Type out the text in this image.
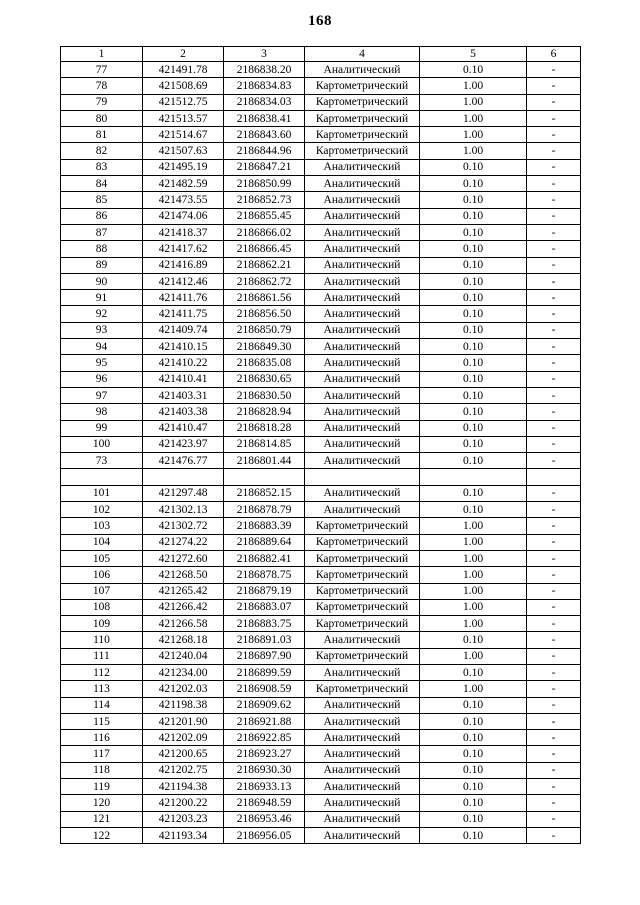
168
1	2	3	4	5	6
77	421491.78	2186838.20	Аналитический	0.10	-
78	421508.69	2186834.83	Картометрический	1.00	-
79	421512.75	2186834.03	Картометрический	1.00	-
80	421513.57	2186838.41	Картометрический	1.00	-
81	421514.67	2186843.60	Картометрический	1.00	-
82	421507.63	2186844.96	Картометрический	1.00	-
83	421495.19	2186847.21	Аналитический	0.10	-
84	421482.59	2186850.99	Аналитический	0.10	-
85	421473.55	2186852.73	Аналитический	0.10	-
86	421474.06	2186855.45	Аналитический	0.10	-
87	421418.37	2186866.02	Аналитический	0.10	-
88	421417.62	2186866.45	Аналитический	0.10	-
89	421416.89	2186862.21	Аналитический	0.10	-
90	421412.46	2186862.72	Аналитический	0.10	-
91	421411.76	2186861.56	Аналитический	0.10	-
92	421411.75	2186856.50	Аналитический	0.10	-
93	421409.74	2186850.79	Аналитический	0.10	-
94	421410.15	2186849.30	Аналитический	0.10	-
95	421410.22	2186835.08	Аналитический	0.10	-
96	421410.41	2186830.65	Аналитический	0.10	-
97	421403.31	2186830.50	Аналитический	0.10	-
98	421403.38	2186828.94	Аналитический	0.10	-
99	421410.47	2186818.28	Аналитический	0.10	-
100	421423.97	2186814.85	Аналитический	0.10	-
73	421476.77	2186801.44	Аналитический	0.10	-

101	421297.48	2186852.15	Аналитический	0.10	-
102	421302.13	2186878.79	Аналитический	0.10	-
103	421302.72	2186883.39	Картометрический	1.00	-
104	421274.22	2186889.64	Картометрический	1.00	-
105	421272.60	2186882.41	Картометрический	1.00	-
106	421268.50	2186878.75	Картометрический	1.00	-
107	421265.42	2186879.19	Картометрический	1.00	-
108	421266.42	2186883.07	Картометрический	1.00	-
109	421266.58	2186883.75	Картометрический	1.00	-
110	421268.18	2186891.03	Аналитический	0.10	-
111	421240.04	2186897.90	Картометрический	1.00	-
112	421234.00	2186899.59	Аналитический	0.10	-
113	421202.03	2186908.59	Картометрический	1.00	-
114	421198.38	2186909.62	Аналитический	0.10	-
115	421201.90	2186921.88	Аналитический	0.10	-
116	421202.09	2186922.85	Аналитический	0.10	-
117	421200.65	2186923.27	Аналитический	0.10	-
118	421202.75	2186930.30	Аналитический	0.10	-
119	421194.38	2186933.13	Аналитический	0.10	-
120	421200.22	2186948.59	Аналитический	0.10	-
121	421203.23	2186953.46	Аналитический	0.10	-
122	421193.34	2186956.05	Аналитический	0.10	-
